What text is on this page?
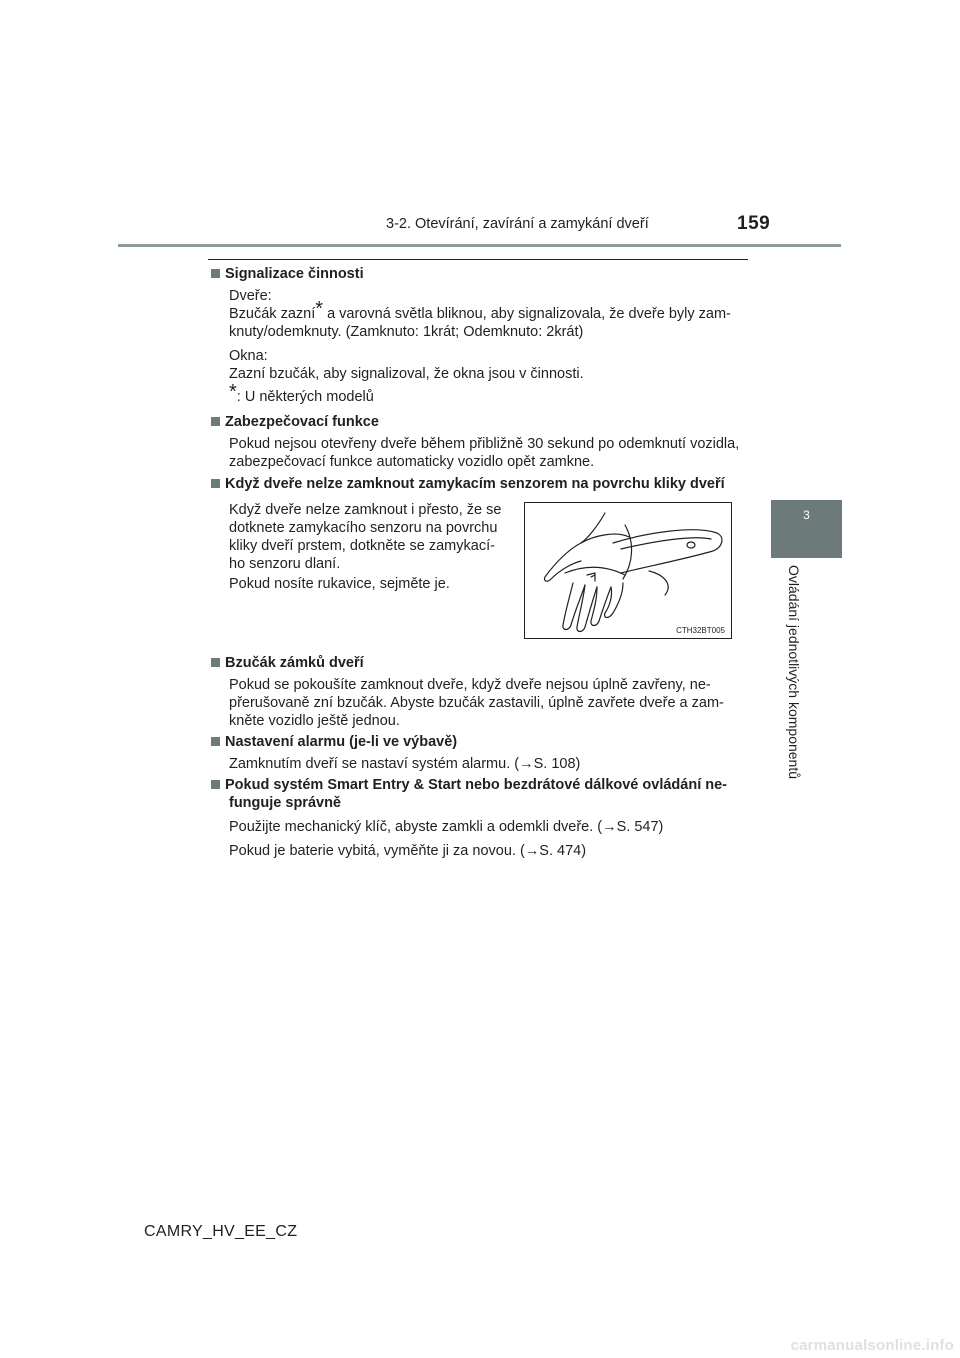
3-2. Otevírání, zavírání a zamykání dveří	159
3
Ovládání jednotlivých komponentů
Signalizace činnosti
Dveře:
Bzučák zazní* a varovná světla bliknou, aby signalizovala, že dveře byly zam-
knuty/odemknuty. (Zamknuto: 1krát; Odemknuto: 2krát)
Okna:
Zazní bzučák, aby signalizoval, že okna jsou v činnosti.
*: U některých modelů
Zabezpečovací funkce
Pokud nejsou otevřeny dveře během přibližně 30 sekund po odemknutí vozidla,
zabezpečovací funkce automaticky vozidlo opět zamkne.
Když dveře nelze zamknout zamykacím senzorem na povrchu kliky dveří
Když dveře nelze zamknout i přesto, že se
dotknete zamykacího senzoru na povrchu
kliky dveří prstem, dotkněte se zamykací-
ho senzoru dlaní.
Pokud nosíte rukavice, sejměte je.
CTH32BT005
Bzučák zámků dveří
Pokud se pokoušíte zamknout dveře, když dveře nejsou úplně zavřeny, ne-
přerušovaně zní bzučák. Abyste bzučák zastavili, úplně zavřete dveře a zam-
kněte vozidlo ještě jednou.
Nastavení alarmu (je-li ve výbavě)
Zamknutím dveří se nastaví systém alarmu. (→S. 108)
Pokud systém Smart Entry & Start nebo bezdrátové dálkové ovládání ne-
funguje správně
Použijte mechanický klíč, abyste zamkli a odemkli dveře. (→S. 547)
Pokud je baterie vybitá, vyměňte ji za novou. (→S. 474)
CAMRY_HV_EE_CZ
carmanualsonline.info
